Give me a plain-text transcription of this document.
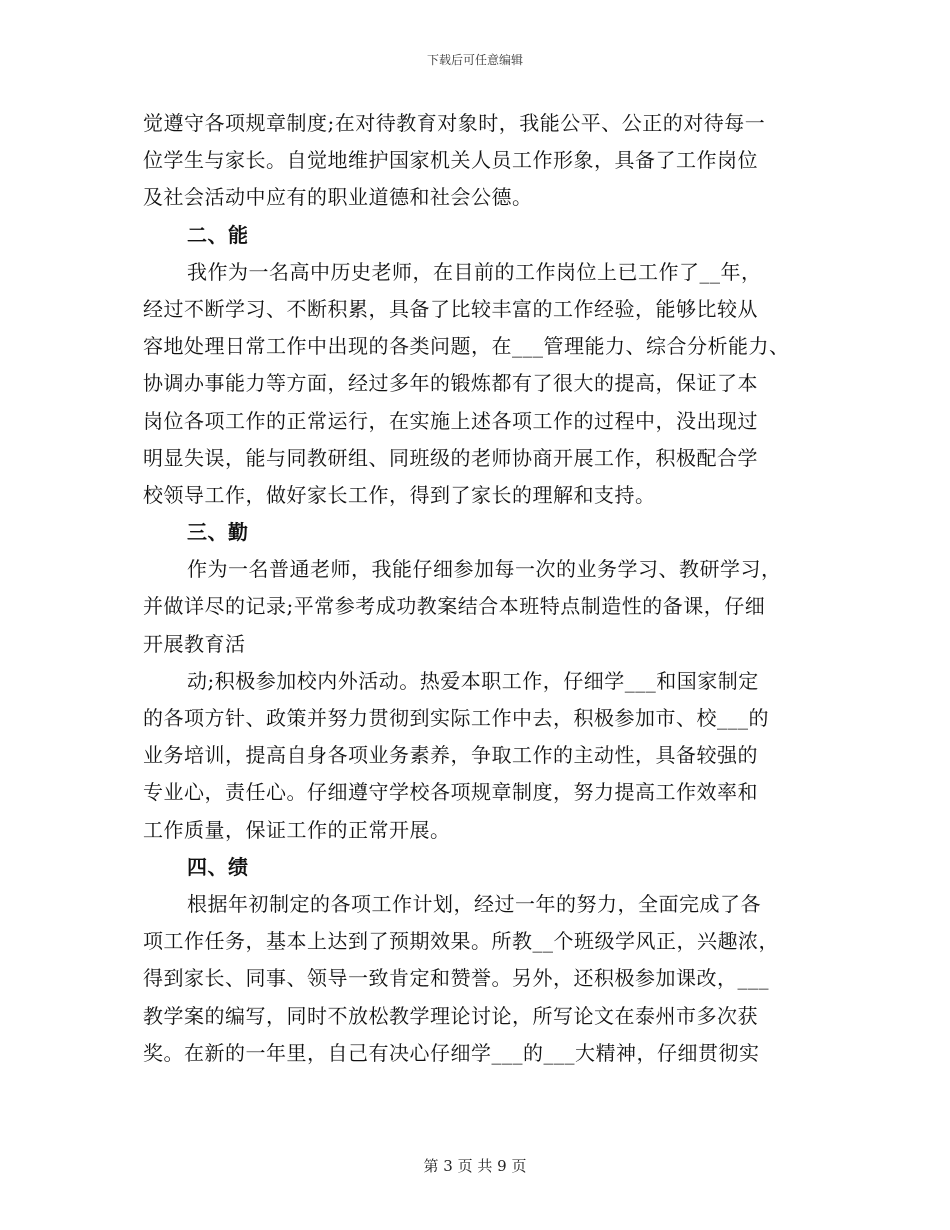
下载后可任意编辑
觉遵守各项规章制度;在对待教育对象时，我能公平、公正的对待每一
位学生与家长。自觉地维护国家机关人员工作形象，具备了工作岗位
及社会活动中应有的职业道德和社会公德。
二、能
我作为一名高中历史老师，在目前的工作岗位上已工作了__年，
经过不断学习、不断积累，具备了比较丰富的工作经验，能够比较从
容地处理日常工作中出现的各类问题，在___管理能力、综合分析能力、
协调办事能力等方面，经过多年的锻炼都有了很大的提高，保证了本
岗位各项工作的正常运行，在实施上述各项工作的过程中，没出现过
明显失误，能与同教研组、同班级的老师协商开展工作，积极配合学
校领导工作，做好家长工作，得到了家长的理解和支持。
三、勤
作为一名普通老师，我能仔细参加每一次的业务学习、教研学习，
并做详尽的记录;平常参考成功教案结合本班特点制造性的备课，仔细
开展教育活
动;积极参加校内外活动。热爱本职工作，仔细学___和国家制定
的各项方针、政策并努力贯彻到实际工作中去，积极参加市、校___的
业务培训，提高自身各项业务素养，争取工作的主动性，具备较强的
专业心，责任心。仔细遵守学校各项规章制度，努力提高工作效率和
工作质量，保证工作的正常开展。
四、绩
根据年初制定的各项工作计划，经过一年的努力，全面完成了各
项工作任务，基本上达到了预期效果。所教__个班级学风正，兴趣浓，
得到家长、同事、领导一致肯定和赞誉。另外，还积极参加课改，___
教学案的编写，同时不放松教学理论讨论，所写论文在泰州市多次获
奖。在新的一年里，自己有决心仔细学___的___大精神，仔细贯彻实
第 3 页 共 9 页
